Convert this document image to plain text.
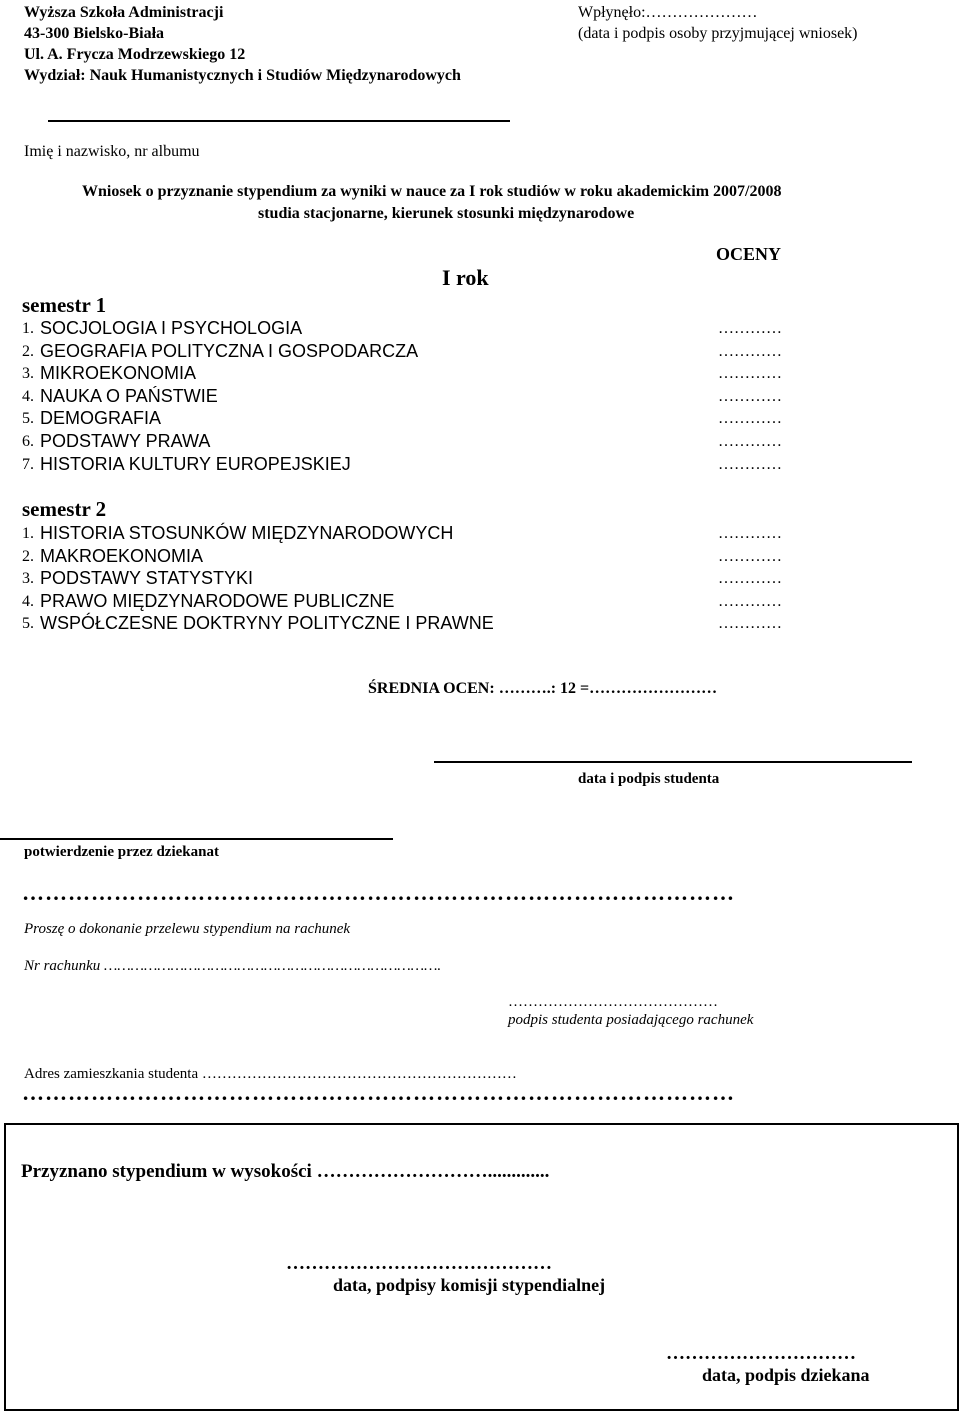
Wyższa Szkoła Administracji
43-300 Bielsko-Biała
Ul. A. Frycza Modrzewskiego 12
Wydział: Nauk Humanistycznych i Studiów Międzynarodowych
Wpłynęło:…………………
(data i podpis osoby przyjmującej wniosek)
Imię i nazwisko, nr albumu
Wniosek o przyznanie stypendium za wyniki w nauce za I rok studiów w roku akademickim 2007/2008
studia stacjonarne, kierunek stosunki międzynarodowe
OCENY
I rok
semestr 1
1. SOCJOLOGIA I PSYCHOLOGIA	…………
2. GEOGRAFIA POLITYCZNA I GOSPODARCZA	…………
3. MIKROEKONOMIA	…………
4. NAUKA O PAŃSTWIE	…………
5. DEMOGRAFIA	…………
6. PODSTAWY PRAWA	…………
7. HISTORIA KULTURY EUROPEJSKIEJ	…………
semestr 2
1. HISTORIA STOSUNKÓW MIĘDZYNARODOWYCH	…………
2. MAKROEKONOMIA	…………
3. PODSTAWY STATYSTYKI	…………
4. PRAWO MIĘDZYNARODOWE PUBLICZNE	…………
5. WSPÓŁCZESNE DOKTRYNY POLITYCZNE I PRAWNE	…………
ŚREDNIA OCEN: ……….: 12 =……………………
data i podpis studenta
potwierdzenie przez dziekanat
…………………………………………………………………………………
Proszę o dokonanie przelewu stypendium na rachunek
Nr rachunku ………………………………………………………………….
……………………………………
podpis studenta posiadającego rachunek
Adres zamieszkania studenta ………………………………………………………
…………………………………………………………………………………
Przyznano stypendium w wysokości ……………………….............
……………………………………
data, podpisy komisji stypendialnej
…………………………
data, podpis dziekana
